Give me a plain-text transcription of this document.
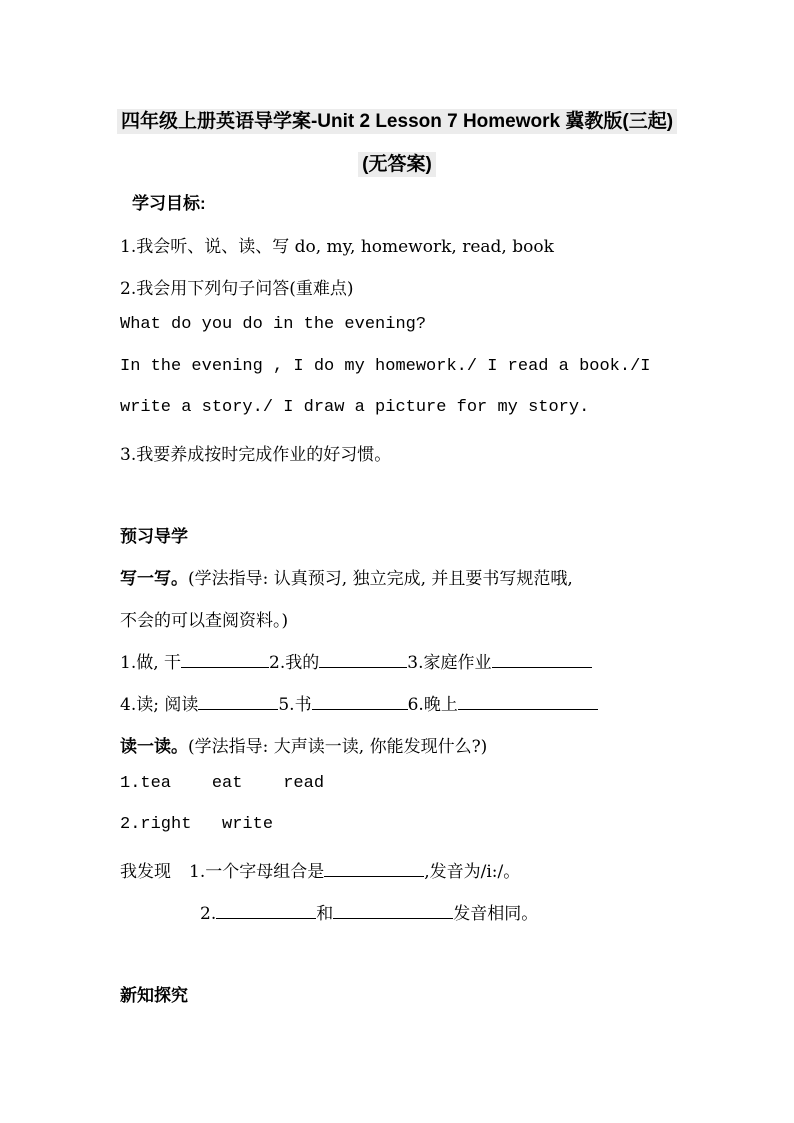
四年级上册英语导学案-Unit 2 Lesson 7 Homework 冀教版(三起)
(无答案)
学习目标:
1.我会听、说、读、写 do, my, homework, read, book
2.我会用下列句子问答(重难点)
What do you do in the evening?
In the evening , I do my homework./ I read a book./I
write a story./ I draw a picture for my story.
3.我要养成按时完成作业的好习惯。
预习导学
写一写。(学法指导: 认真预习, 独立完成, 并且要书写规范哦,
不会的可以查阅资料。)
1.做, 干	2.我的	3.家庭作业
4.读; 阅读	5.书	6.晚上
读一读。(学法指导: 大声读一读, 你能发现什么?)
1.tea    eat    read
2.right   write
我发现 1.一个字母组合是	,发音为/i:/。
2.	和	发音相同。
新知探究
